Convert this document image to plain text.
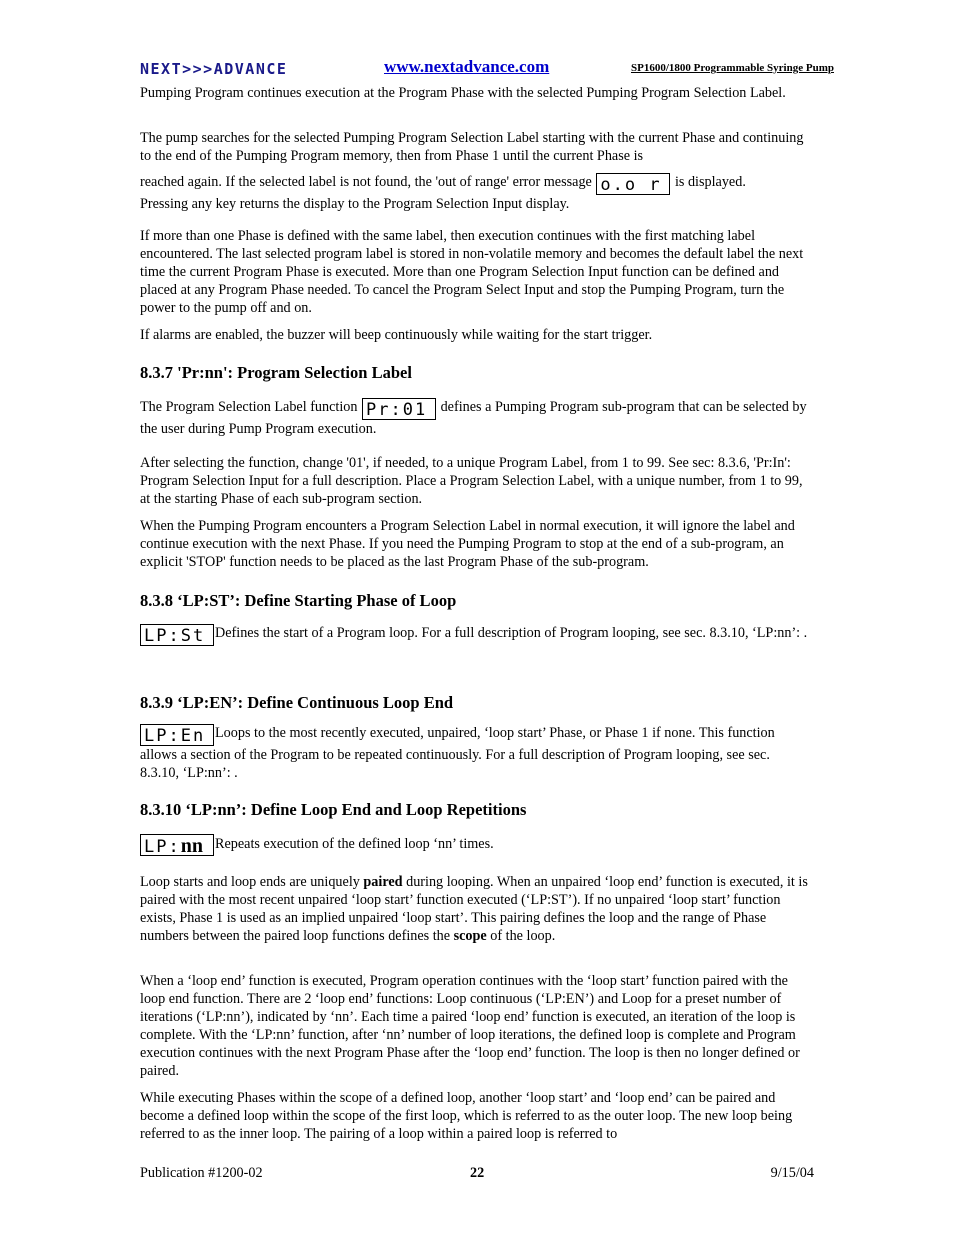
NEXT>>>ADVANCE	www.nextadvance.com	SP1600/1800 Programmable Syringe Pump

Pumping Program continues execution at the Program Phase with the selected Pumping Program Selection Label.

The pump searches for the selected Pumping Program Selection Label starting with the current Phase and continuing to the end of the Pumping Program memory, then from Phase 1 until the current Phase is

reached again. If the selected label is not found, the 'out of range' error message o.o r is displayed.

Pressing any key returns the display to the Program Selection Input display.

If more than one Phase is defined with the same label, then execution continues with the first matching label encountered. The last selected program label is stored in non-volatile memory and becomes the default label the next time the current Program Phase is executed. More than one Program Selection Input function can be defined and placed at any Program Phase needed. To cancel the Program Select Input and stop the Pumping Program, turn the power to the pump off and on.

If alarms are enabled, the buzzer will beep continuously while waiting for the start trigger.

8.3.7 'Pr:nn': Program Selection Label

The Program Selection Label function Pr:01 defines a Pumping Program sub-program that can be selected by the user during Pump Program execution.

After selecting the function, change '01', if needed, to a unique Program Label, from 1 to 99. See sec: 8.3.6, 'Pr:In': Program Selection Input for a full description. Place a Program Selection Label, with a unique number, from 1 to 99, at the starting Phase of each sub-program section.

When the Pumping Program encounters a Program Selection Label in normal execution, it will ignore the label and continue execution with the next Phase. If you need the Pumping Program to stop at the end of a sub-program, an explicit 'STOP' function needs to be placed as the last Program Phase of the sub-program.

8.3.8 ‘LP:ST’: Define Starting Phase of Loop

LP:St Defines the start of a Program loop. For a full description of Program looping, see sec. 8.3.10, ‘LP:nn’: .

8.3.9 ‘LP:EN’: Define Continuous Loop End

LP:En Loops to the most recently executed, unpaired, ‘loop start’ Phase, or Phase 1 if none. This function allows a section of the Program to be repeated continuously. For a full description of Program looping, see sec. 8.3.10, ‘LP:nn’: .

8.3.10 ‘LP:nn’: Define Loop End and Loop Repetitions

LP:nn Repeats execution of the defined loop ‘nn’ times.

Loop starts and loop ends are uniquely paired during looping. When an unpaired ‘loop end’ function is executed, it is paired with the most recent unpaired ‘loop start’ function executed (‘LP:ST’). If no unpaired ‘loop start’ function exists, Phase 1 is used as an implied unpaired ‘loop start’. This pairing defines the loop and the range of Phase numbers between the paired loop functions defines the scope of the loop.

When a ‘loop end’ function is executed, Program operation continues with the ‘loop start’ function paired with the loop end function. There are 2 ‘loop end’ functions: Loop continuous (‘LP:EN’) and Loop for a preset number of iterations (‘LP:nn’), indicated by ‘nn’. Each time a paired ‘loop end’ function is executed, an iteration of the loop is complete. With the ‘LP:nn’ function, after ‘nn’ number of loop iterations, the defined loop is complete and Program execution continues with the next Program Phase after the ‘loop end’ function. The loop is then no longer defined or paired.

While executing Phases within the scope of a defined loop, another ‘loop start’ and ‘loop end’ can be paired and become a defined loop within the scope of the first loop, which is referred to as the outer loop. The new loop being referred to as the inner loop. The pairing of a loop within a paired loop is referred to

Publication #1200-02	22	9/15/04
